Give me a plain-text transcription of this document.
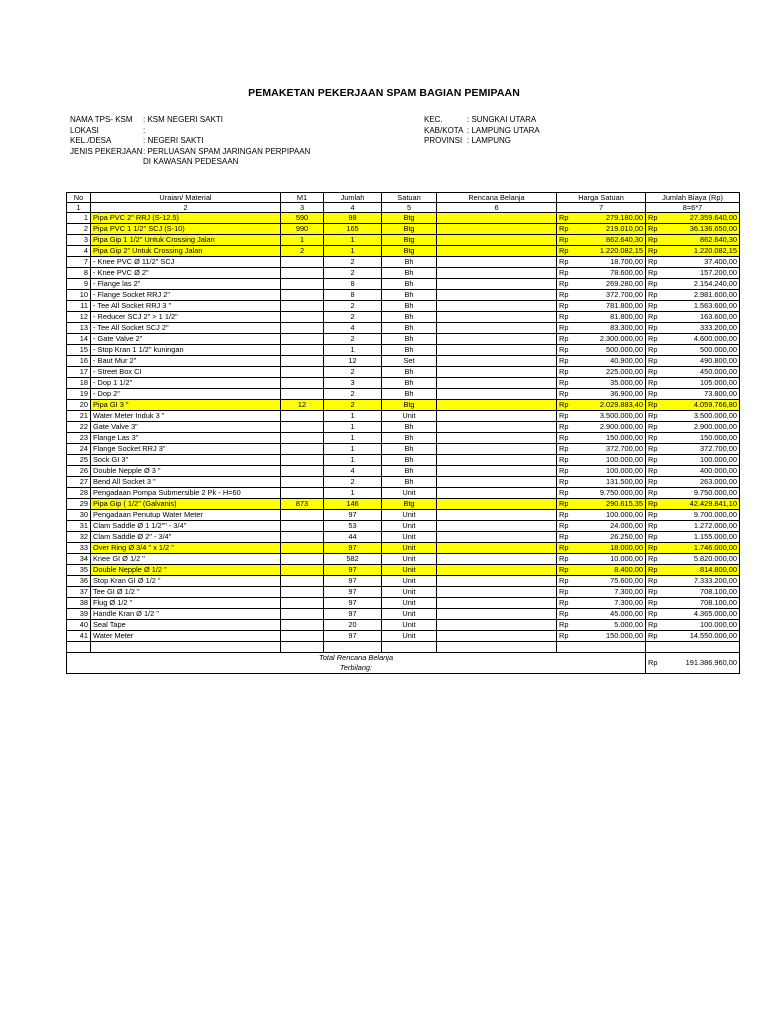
PEMAKETAN PEKERJAAN SPAM BAGIAN PEMIPAAN
NAMA TPS- KSM : KSM NEGERI SAKTI
LOKASI	:
KEL./DESA	: NEGERI SAKTI
JENIS PEKERJAAN : PERLUASAN SPAM JARINGAN PERPIPAAN
DI KAWASAN PEDESAAN
KEC.	: SUNGKAI UTARA
KAB/KOTA : LAMPUNG UTARA
PROVINSI : LAMPUNG
No	Uraian/ Material	M1	Jumlah	Satuan	Rencana Belanja	Harga Satuan		Jumlah Biaya (Rp)	
1	2	3	4	5	6	7		8=6*7	
1	Pipa PVC 2" RRJ (S-12.5)	590	98	Btg		Rp	279.180,00	Rp	27.359.640,00
2	Pipa PVC 1 1/2" SCJ (S-10)	990	165	Btg		Rp	219.010,00	Rp	36.136.650,00
3	Pipa Gip 1 1/2" Untuk Crossing Jalan	1	1	Btg		Rp	862.640,30	Rp	862.640,30
4	Pipa Gip 2" Untuk Crossing Jalan	2	1	Btg		Rp	1.220.082,15	Rp	1.220.082,15
7	- Knee PVC Ø 11/2" SCJ		2	Bh		Rp	18.700,00	Rp	37.400,00
8	- Knee PVC Ø 2"		2	Bh		Rp	78.600,00	Rp	157.200,00
9	- Flange las 2"		8	Bh		Rp	269.280,00	Rp	2.154.240,00
10	- Flange Socket RRJ 2"		8	Bh		Rp	372.700,00	Rp	2.981.600,00
11	- Tee All Socket RRJ 3 "		2	Bh		Rp	781.800,00	Rp	1.563.600,00
12	- Reducer SCJ 2" > 1 1/2"		2	Bh		Rp	81.800,00	Rp	163.600,00
13	- Tee All Socket SCJ 2"		4	Bh		Rp	83.300,00	Rp	333.200,00
14	- Gate Valve 2"		2	Bh		Rp	2.300.000,00	Rp	4.600.000,00
15	- Stop Kran 1 1/2" kuningan		1	Bh		Rp	500.000,00	Rp	500.000,00
16	- Baut Mur 2"		12	Set		Rp	40.900,00	Rp	490.800,00
17	- Street Box CI		2	Bh		Rp	225.000,00	Rp	450.000,00
18	- Dop 1 1/2"		3	Bh		Rp	35.000,00	Rp	105.000,00
19	- Dop 2"		2	Bh		Rp	36.900,00	Rp	73.800,00
20	Pipa GI 3 "	12	2	Btg		Rp	2.029.883,40	Rp	4.059.766,80
21	Water Meter Induk 3 "		1	Unit		Rp	3.500.000,00	Rp	3.500.000,00
22	Gate Valve 3"		1	Bh		Rp	2.900.000,00	Rp	2.900.000,00
23	Flange Las 3"		1	Bh		Rp	150.000,00	Rp	150.000,00
24	Flange Socket RRJ 3"		1	Bh		Rp	372.700,00	Rp	372.700,00
25	Sock GI 3"		1	Bh		Rp	100.000,00	Rp	100.000,00
26	Double Nepple Ø 3 "		4	Bh		Rp	100.000,00	Rp	400.000,00
27	Bend All Socket 3 "		2	Bh		Rp	131.500,00	Rp	263.000,00
28	Pengadaan Pompa Submersible 2 Pk - H=60		1	Unit		Rp	9.750.000,00	Rp	9.750.000,00
29	Pipa Gip ( 1/2" (Galvanis)	873	146	Btg		Rp	290.615,35	Rp	42.429.841,10
30	Pengadaan Penutup Water Meter		97	Unit		Rp	100.000,00	Rp	9.700.000,00
31	Clam Saddle Ø 1 1/2"" - 3/4"		53	Unit		Rp	24.000,00	Rp	1.272.000,00
32	Clam Saddle Ø 2" - 3/4"		44	Unit		Rp	26.250,00	Rp	1.155.000,00
33	Over Ring Ø 3/4 " x 1/2 "		97	Unit		Rp	18.000,00	Rp	1.746.000,00
34	Knee GI Ø 1/2 "		582	Unit		Rp	10.000,00	Rp	5.820.000,00
35	Double Nepple Ø 1/2 "		97	Unit		Rp	8.400,00	Rp	814.800,00
36	Stop Kran GI Ø 1/2 "		97	Unit		Rp	75.600,00	Rp	7.333.200,00
37	Tee GI Ø 1/2 "		97	Unit		Rp	7.300,00	Rp	708.100,00
38	Flug Ø 1/2 "		97	Unit		Rp	7.300,00	Rp	708.100,00
39	Handle Kran Ø 1/2 "		97	Unit		Rp	45.000,00	Rp	4.365.000,00
40	Seal Tape		20	Unit		Rp	5.000,00	Rp	100.000,00
41	Water Meter		97	Unit		Rp	150.000,00	Rp	14.550.000,00

Total Rencana Belanja								Rp	191.386.960,00
Terbilang:									
